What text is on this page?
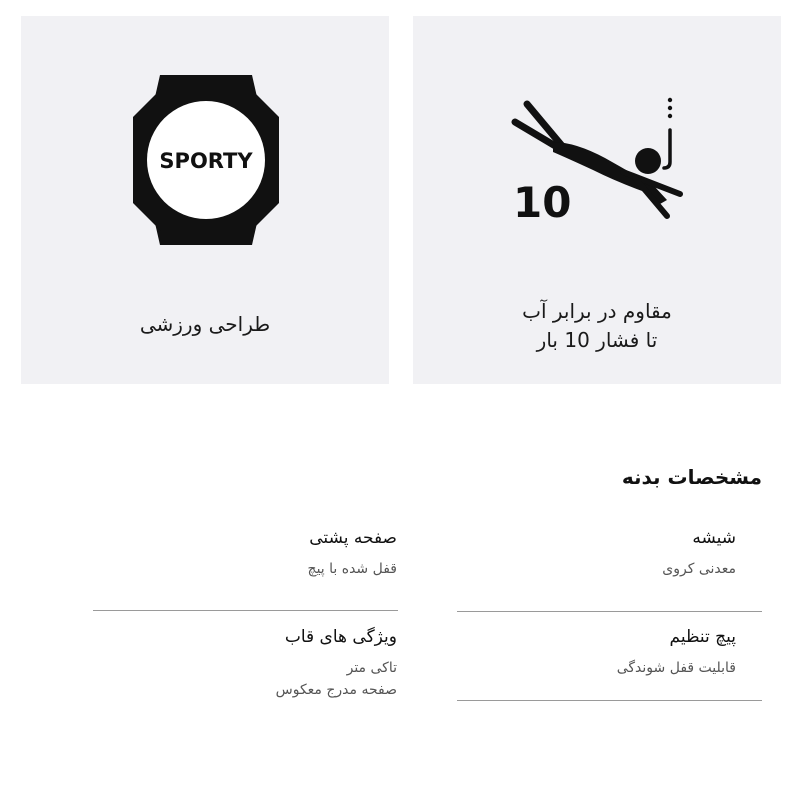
طراحی ورزشی
SPORTY
مقاوم در برابر آب
تا فشار 10 بار
10
مشخصات بدنه
شیشه
معدنی کروی
صفحه پشتی
قفل شده با پیچ
پیچ تنظیم
قابلیت قفل شوندگی
ویژگی های قاب
تاکی متر
صفحه مدرج معکوس
